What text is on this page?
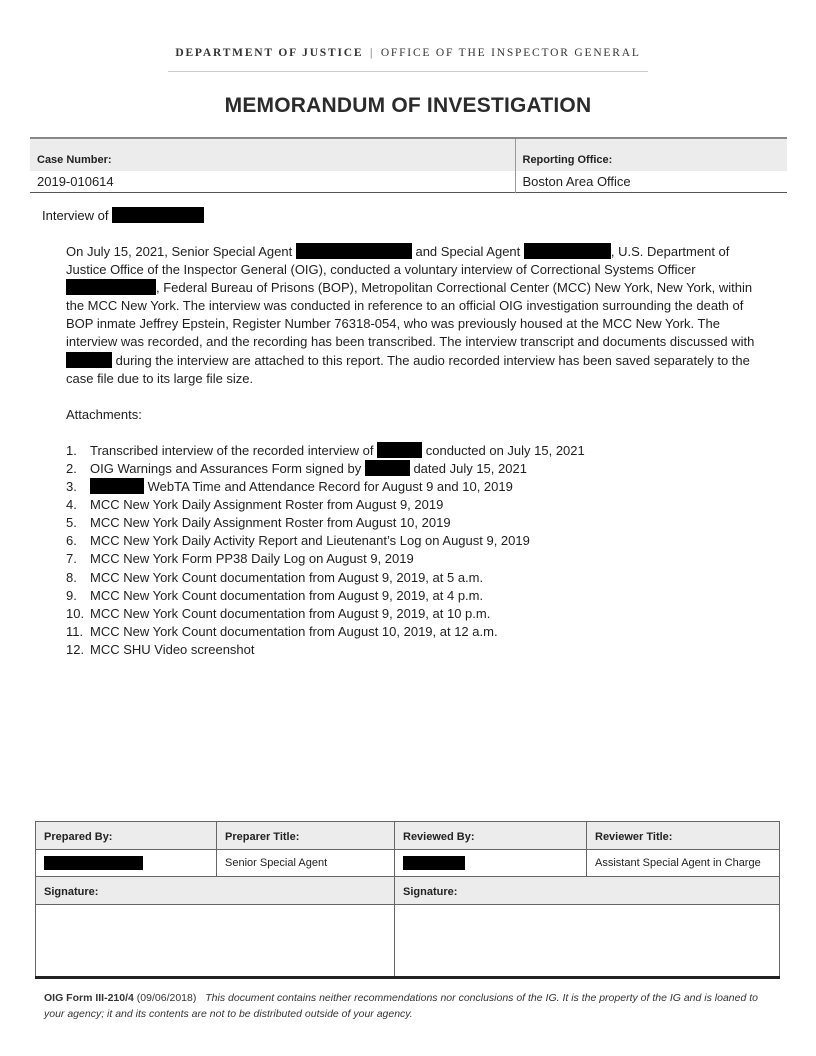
DEPARTMENT OF JUSTICE | OFFICE OF THE INSPECTOR GENERAL
MEMORANDUM OF INVESTIGATION
Case Number:	Reporting Office:
2019-010614	Boston Area Office
Interview of
On July 15, 2021, Senior Special Agent	and Special Agent	, U.S. Department of Justice Office of the Inspector General (OIG), conducted a voluntary interview of Correctional Systems Officer , Federal Bureau of Prisons (BOP), Metropolitan Correctional Center (MCC) New York, New York, within the MCC New York. The interview was conducted in reference to an official OIG investigation surrounding the death of BOP inmate Jeffrey Epstein, Register Number 76318-054, who was previously housed at the MCC New York. The interview was recorded, and the recording has been transcribed. The interview transcript and documents discussed with  during the interview are attached to this report. The audio recorded interview has been saved separately to the case file due to its large file size.
Attachments:
1.	Transcribed interview of the recorded interview of	conducted on July 15, 2021
2.	OIG Warnings and Assurances Form signed by	dated July 15, 2021
3.	WebTA Time and Attendance Record for August 9 and 10, 2019
4.	MCC New York Daily Assignment Roster from August 9, 2019
5.	MCC New York Daily Assignment Roster from August 10, 2019
6.	MCC New York Daily Activity Report and Lieutenant’s Log on August 9, 2019
7.	MCC New York Form PP38 Daily Log on August 9, 2019
8.	MCC New York Count documentation from August 9, 2019, at 5 a.m.
9.	MCC New York Count documentation from August 9, 2019, at 4 p.m.
10. MCC New York Count documentation from August 9, 2019, at 10 p.m.
11. MCC New York Count documentation from August 10, 2019, at 12 a.m.
12. MCC SHU Video screenshot
Prepared By:	Preparer Title:	Reviewed By:	Reviewer Title:
	Senior Special Agent		Assistant Special Agent in Charge
Signature:		Signature:	

OIG Form III-210/4 (09/06/2018) This document contains neither recommendations nor conclusions of the IG. It is the property of the IG and is loaned to your agency; it and its contents are not to be distributed outside of your agency.
